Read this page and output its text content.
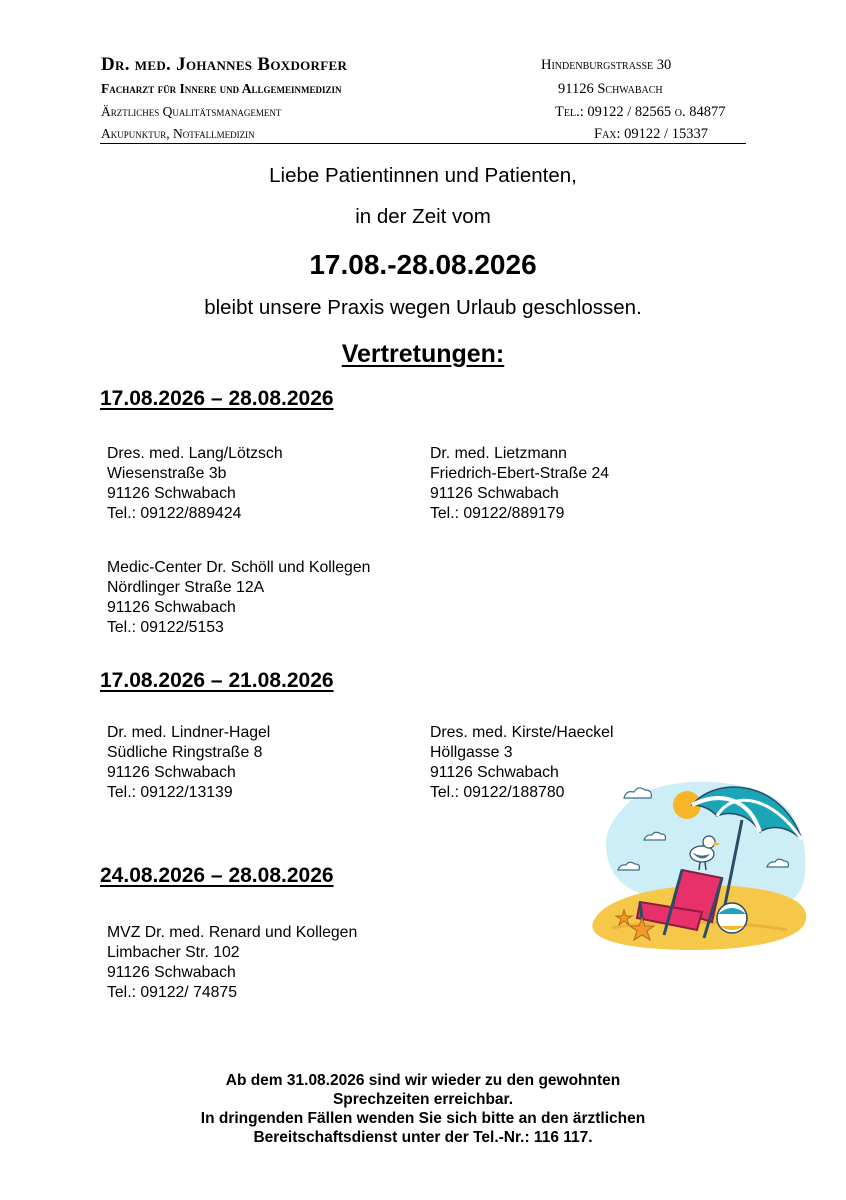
Dr. med. Johannes Boxdorfer
Facharzt für Innere und Allgemeinmedizin
Ärztliches Qualitätsmanagement
Akupunktur, Notfallmedizin
Hindenburgstraße 30
91126 Schwabach
Tel.: 09122 / 82565 o. 84877
Fax: 09122 / 15337
Liebe Patientinnen und Patienten,
in der Zeit vom
17.08.-28.08.2026
bleibt unsere Praxis wegen Urlaub geschlossen.
Vertretungen:
17.08.2026 – 28.08.2026
Dres. med. Lang/Lötzsch
Wiesenstraße 3b
91126 Schwabach
Tel.: 09122/889424
Dr. med. Lietzmann
Friedrich-Ebert-Straße 24
91126 Schwabach
Tel.: 09122/889179
Medic-Center Dr. Schöll und Kollegen
Nördlinger Straße 12A
91126 Schwabach
Tel.: 09122/5153
17.08.2026 – 21.08.2026
Dr. med. Lindner-Hagel
Südliche Ringstraße 8
91126 Schwabach
Tel.: 09122/13139
Dres. med. Kirste/Haeckel
Höllgasse 3
91126 Schwabach
Tel.: 09122/188780
24.08.2026 – 28.08.2026
MVZ Dr. med. Renard und Kollegen
Limbacher Str. 102
91126 Schwabach
Tel.: 09122/ 74875
Ab dem 31.08.2026 sind wir wieder zu den gewohnten
Sprechzeiten erreichbar.
In dringenden Fällen wenden Sie sich bitte an den ärztlichen
Bereitschaftsdienst unter der Tel.-Nr.: 116 117.
